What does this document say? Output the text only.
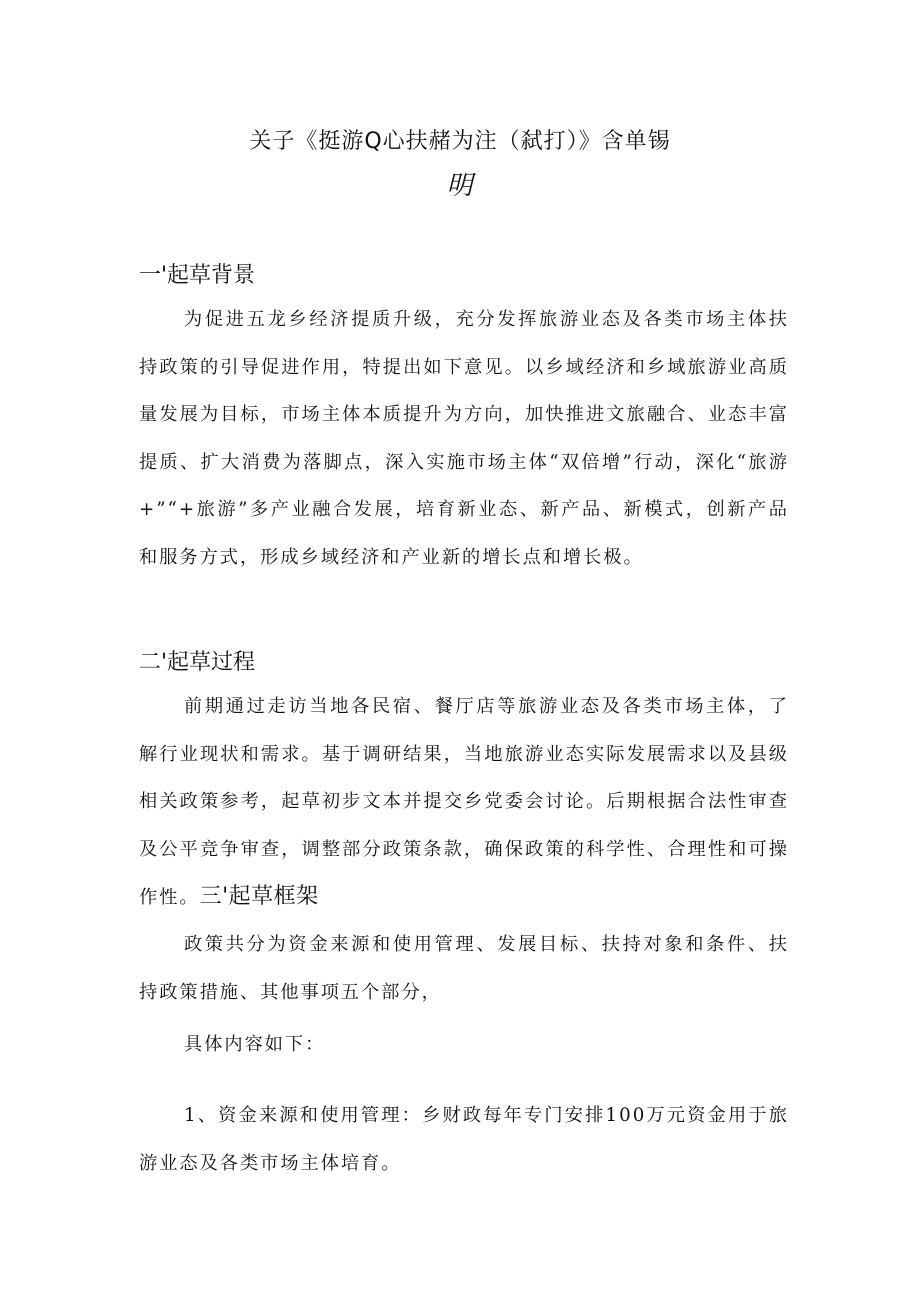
关子《挺游Q心扶赭为注（弑打）》含单锡
明
一'起草背景

为促进五龙乡经济提质升级，充分发挥旅游业态及各类市场主体扶持政策的引导促进作用，特提出如下意见。以乡域经济和乡域旅游业高质量发展为目标，市场主体本质提升为方向，加快推进文旅融合、业态丰富提质、扩大消费为落脚点，深入实施市场主体“双倍增”行动，深化“旅游+”“+旅游”多产业融合发展，培育新业态、新产品、新模式，创新产品和服务方式，形成乡域经济和产业新的增长点和增长极。

二'起草过程

前期通过走访当地各民宿、餐厅店等旅游业态及各类市场主体，了解行业现状和需求。基于调研结果，当地旅游业态实际发展需求以及县级相关政策参考，起草初步文本并提交乡党委会讨论。后期根据合法性审查及公平竞争审查，调整部分政策条款，确保政策的科学性、合理性和可操作性。三'起草框架

政策共分为资金来源和使用管理、发展目标、扶持对象和条件、扶持政策措施、其他事项五个部分，

具体内容如下：

1、资金来源和使用管理：乡财政每年专门安排100万元资金用于旅游业态及各类市场主体培育。
